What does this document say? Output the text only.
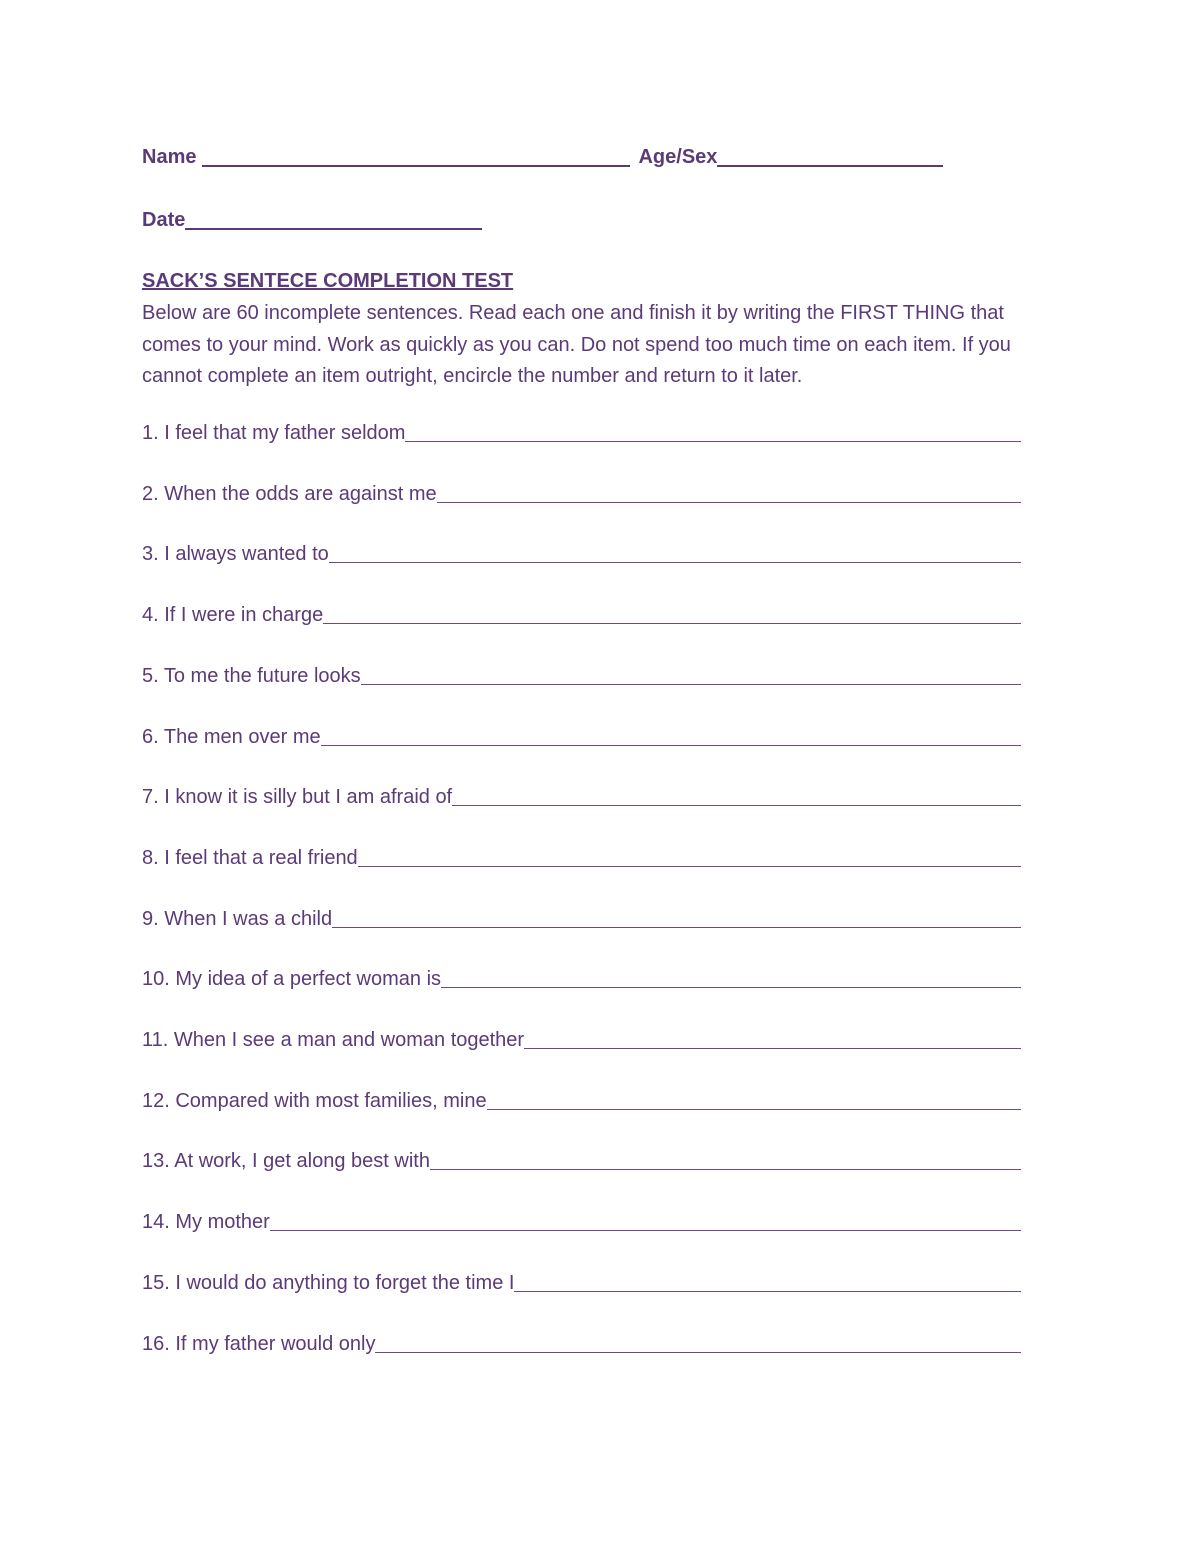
Name	Age/Sex
Date
SACK’S SENTECE COMPLETION TEST
Below are 60 incomplete sentences. Read each one and finish it by writing the FIRST THING that comes to your mind. Work as quickly as you can. Do not spend too much time on each item. If you cannot complete an item outright, encircle the number and return to it later.
1. I feel that my father seldom
2. When the odds are against me
3. I always wanted to
4. If I were in charge
5. To me the future looks
6. The men over me
7. I know it is silly but I am afraid of
8. I feel that a real friend
9. When I was a child
10. My idea of a perfect woman is
11. When I see a man and woman together
12. Compared with most families, mine
13. At work, I get along best with
14. My mother
15. I would do anything to forget the time I
16. If my father would only
